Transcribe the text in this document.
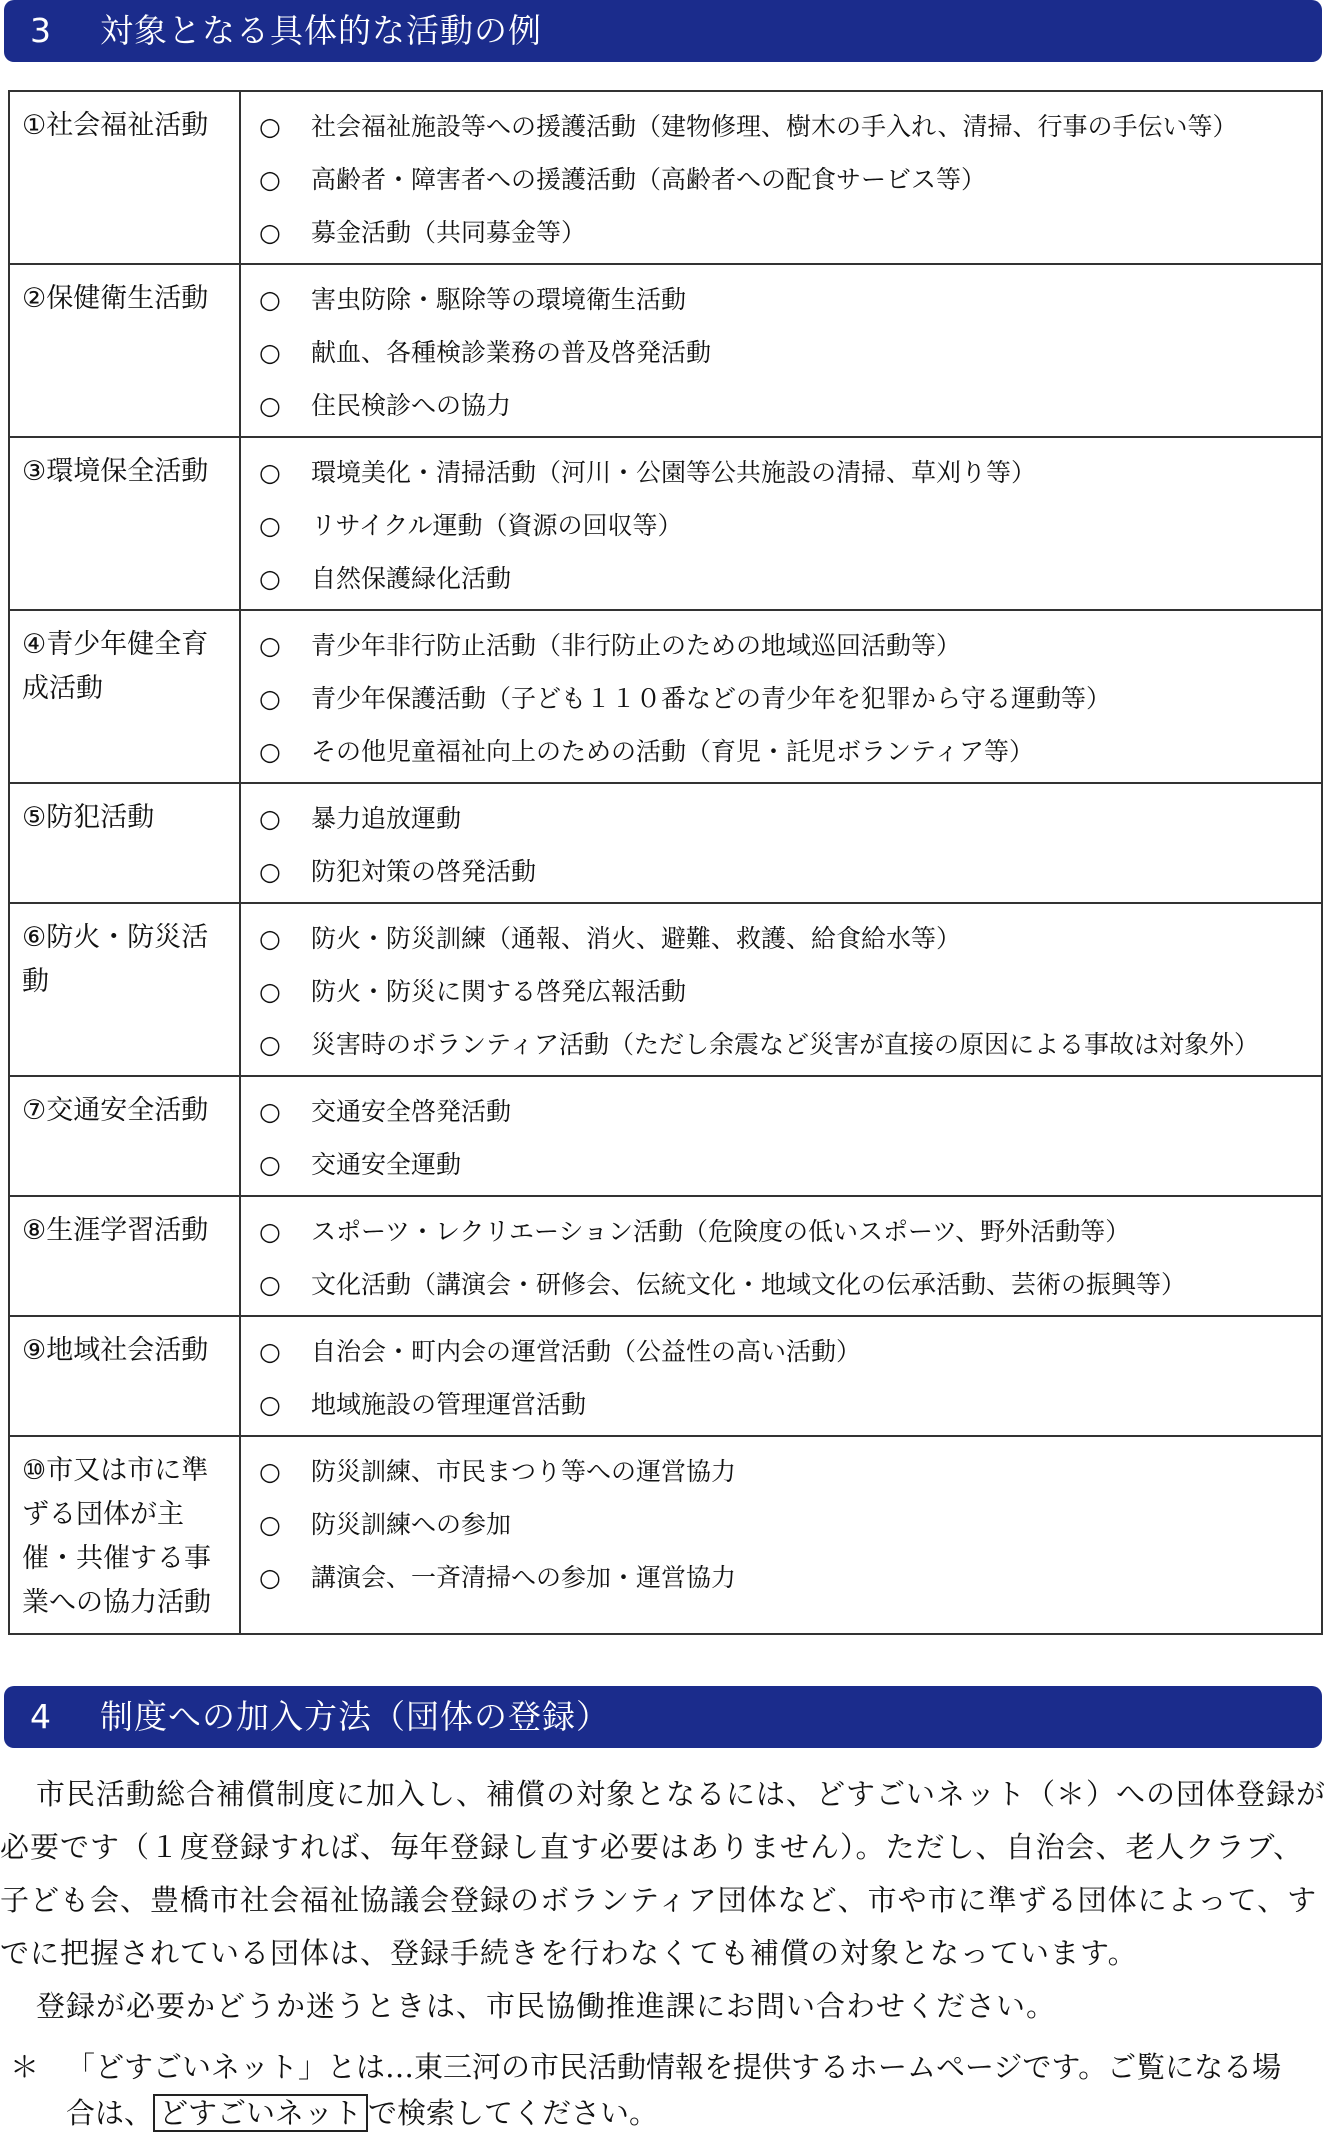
3 対象となる具体的な活動の例
①社会福祉活動	○ 社会福祉施設等への援護活動（建物修理、樹木の手入れ、清掃、行事の手伝い等）
○ 高齢者・障害者への援護活動（高齢者への配食サービス等）
○ 募金活動（共同募金等）

②保健衛生活動	○ 害虫防除・駆除等の環境衛生活動
○ 献血、各種検診業務の普及啓発活動
○ 住民検診への協力

③環境保全活動	○ 環境美化・清掃活動（河川・公園等公共施設の清掃、草刈り等）
○ リサイクル運動（資源の回収等）
○ 自然保護緑化活動

④青少年健全育成活動	○ 青少年非行防止活動（非行防止のための地域巡回活動等）
○ 青少年保護活動（子ども１１０番などの青少年を犯罪から守る運動等）
○ その他児童福祉向上のための活動（育児・託児ボランティア等）

⑤防犯活動	○ 暴力追放運動
○ 防犯対策の啓発活動

⑥防火・防災活動	○ 防火・防災訓練（通報、消火、避難、救護、給食給水等）
○ 防火・防災に関する啓発広報活動
○ 災害時のボランティア活動（ただし余震など災害が直接の原因による事故は対象外）

⑦交通安全活動	○ 交通安全啓発活動
○ 交通安全運動

⑧生涯学習活動	○ スポーツ・レクリエーション活動（危険度の低いスポーツ、野外活動等）
○ 文化活動（講演会・研修会、伝統文化・地域文化の伝承活動、芸術の振興等）

⑨地域社会活動	○ 自治会・町内会の運営活動（公益性の高い活動）
○ 地域施設の管理運営活動

⑩市又は市に準ずる団体が主催・共催する事業への協力活動	○ 防災訓練、市民まつり等への運営協力
○ 防災訓練への参加
○ 講演会、一斉清掃への参加・運営協力
4 制度への加入方法（団体の登録）

市民活動総合補償制度に加入し、補償の対象となるには、どすごいネット（＊）への団体登録が必要です（１度登録すれば、毎年登録し直す必要はありません）。ただし、自治会、老人クラブ、子ども会、豊橋市社会福祉協議会登録のボランティア団体など、市や市に準ずる団体によって、すでに把握されている団体は、登録手続きを行わなくても補償の対象となっています。

登録が必要かどうか迷うときは、市民協働推進課にお問い合わせください。

＊ 「どすごいネット」とは…東三河の市民活動情報を提供するホームページです。ご覧になる場
合は、 どすごいネット で検索してください。
